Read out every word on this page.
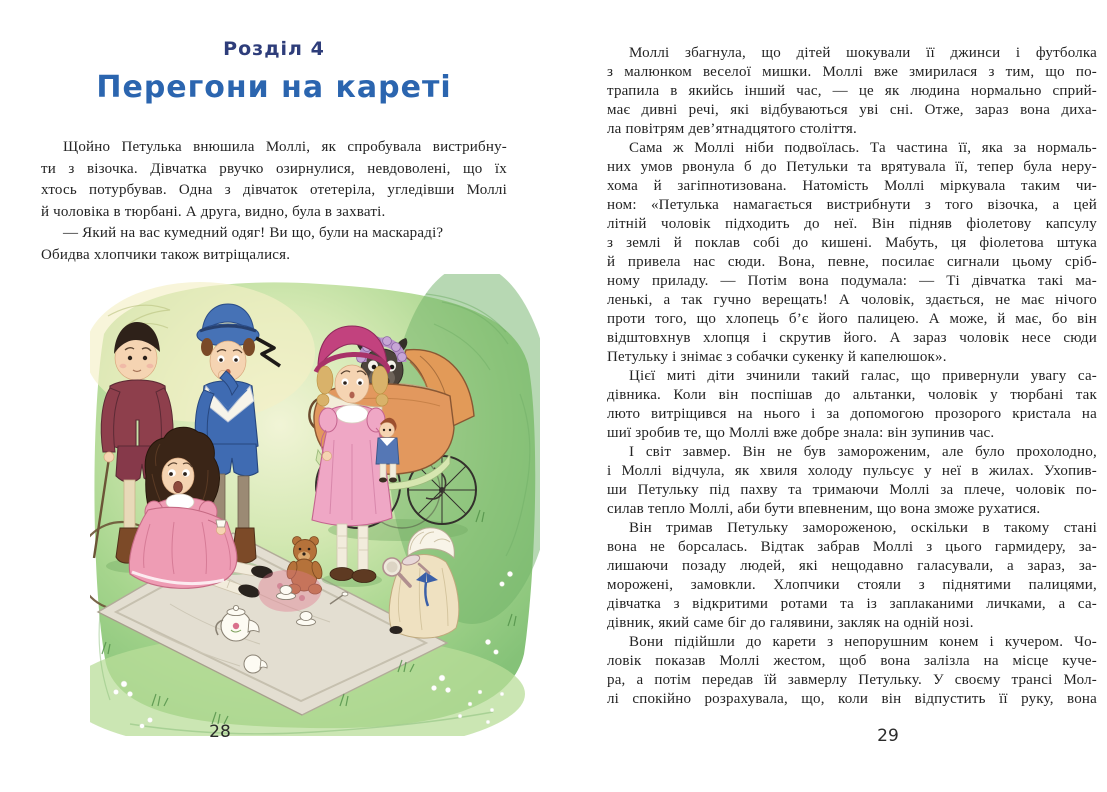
Розділ 4
Перегони на кареті
Щойно Петулька внюшила Моллі, як спробувала вистрибну-
ти з візочка. Дівчатка рвучко озирнулися, невдоволені, що їх
хтось потурбував. Одна з дівчаток отетеріла, угледівши Моллі
й чоловіка в тюрбані. А друга, видно, була в захваті.
— Який на вас кумедний одяг! Ви що, були на маскараді?
Обидва хлопчики також витріщалися.
28
Моллі збагнула, що дітей шокували її джинси і футболка
з малюнком веселої мишки. Моллі вже змирилася з тим, що по-
трапила в якийсь інший час, — це як людина нормально сприй-
має дивні речі, які відбуваються уві сні. Отже, зараз вона диха-
ла повітрям дев’ятнадцятого століття.
Сама ж Моллі ніби подвоїлась. Та частина її, яка за нормаль-
них умов рвонула б до Петульки та врятувала її, тепер була неру-
хома й загіпнотизована. Натомість Моллі міркувала таким чи-
ном: «Петулька намагається вистрибнути з того візочка, а цей
літній чоловік підходить до неї. Він підняв фіолетову капсулу
з землі й поклав собі до кишені. Мабуть, ця фіолетова штука
й привела нас сюди. Вона, певне, посилає сигнали цьому сріб-
ному приладу. — Потім вона подумала: — Ті дівчатка такі ма-
ленькі, а так гучно верещать! А чоловік, здається, не має нічого
проти того, що хлопець б’є його палицею. А може, й має, бо він
відштовхнув хлопця і скрутив його. А зараз чоловік несе сюди
Петульку і знімає з собачки сукенку й капелюшок».
Цієї миті діти зчинили такий галас, що привернули увагу са-
дівника. Коли він поспішав до альтанки, чоловік у тюрбані так
люто витріщився на нього і за допомогою прозорого кристала на
шиї зробив те, що Моллі вже добре знала: він зупинив час.
І світ завмер. Він не був замороженим, але було прохолодно,
і Моллі відчула, як хвиля холоду пульсує у неї в жилах. Ухопив-
ши Петульку під пахву та тримаючи Моллі за плече, чоловік по-
силав тепло Моллі, аби бути впевненим, що вона зможе рухатися.
Він тримав Петульку замороженою, оскільки в такому стані
вона не борсалась. Відтак забрав Моллі з цього гармидеру, за-
лишаючи позаду людей, які нещодавно галасували, а зараз, за-
морожені, замовкли. Хлопчики стояли з піднятими палицями,
дівчатка з відкритими ротами та із заплаканими личками, а са-
дівник, який саме біг до галявини, закляк на одній нозі.
Вони підійшли до карети з непорушним конем і кучером. Чо-
ловік показав Моллі жестом, щоб вона залізла на місце куче-
ра, а потім передав їй завмерлу Петульку. У своєму трансі Мол-
лі спокійно розрахувала, що, коли він відпустить її руку, вона
29
